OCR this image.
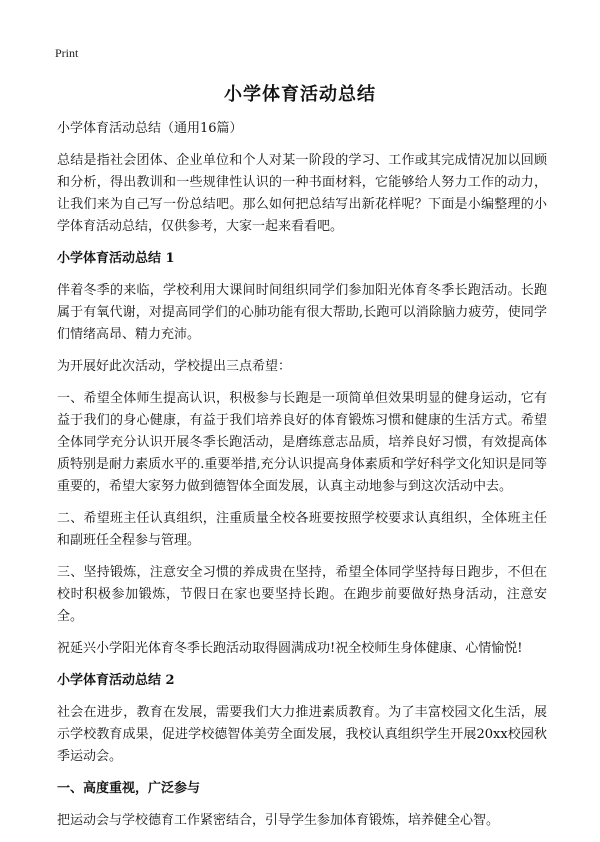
Print
小学体育活动总结

小学体育活动总结（通用16篇）

总结是指社会团体、企业单位和个人对某一阶段的学习、工作或其完成情况加以回顾和分析，得出教训和一些规律性认识的一种书面材料，它能够给人努力工作的动力，让我们来为自己写一份总结吧。那么如何把总结写出新花样呢？下面是小编整理的小学体育活动总结，仅供参考，大家一起来看看吧。

小学体育活动总结 1

伴着冬季的来临，学校利用大课间时间组织同学们参加阳光体育冬季长跑活动。长跑属于有氧代谢，对提高同学们的心肺功能有很大帮助,长跑可以消除脑力疲劳，使同学们情绪高昂、精力充沛。

为开展好此次活动，学校提出三点希望：

一、希望全体师生提高认识，积极参与长跑是一项简单但效果明显的健身运动，它有益于我们的身心健康，有益于我们培养良好的体育锻炼习惯和健康的生活方式。希望全体同学充分认识开展冬季长跑活动，是磨练意志品质，培养良好习惯，有效提高体质特别是耐力素质水平的.重要举措,充分认识提高身体素质和学好科学文化知识是同等重要的，希望大家努力做到德智体全面发展，认真主动地参与到这次活动中去。

二、希望班主任认真组织，注重质量全校各班要按照学校要求认真组织，全体班主任和副班任全程参与管理。

三、坚持锻炼，注意安全习惯的养成贵在坚持，希望全体同学坚持每日跑步，不但在校时积极参加锻炼，节假日在家也要坚持长跑。在跑步前要做好热身活动，注意安全。

祝延兴小学阳光体育冬季长跑活动取得圆满成功!祝全校师生身体健康、心情愉悦!

小学体育活动总结 2

社会在进步，教育在发展，需要我们大力推进素质教育。为了丰富校园文化生活，展示学校教育成果，促进学校德智体美劳全面发展，我校认真组织学生开展20xx校园秋季运动会。

一、高度重视，广泛参与

把运动会与学校德育工作紧密结合，引导学生参加体育锻炼，培养健全心智。
